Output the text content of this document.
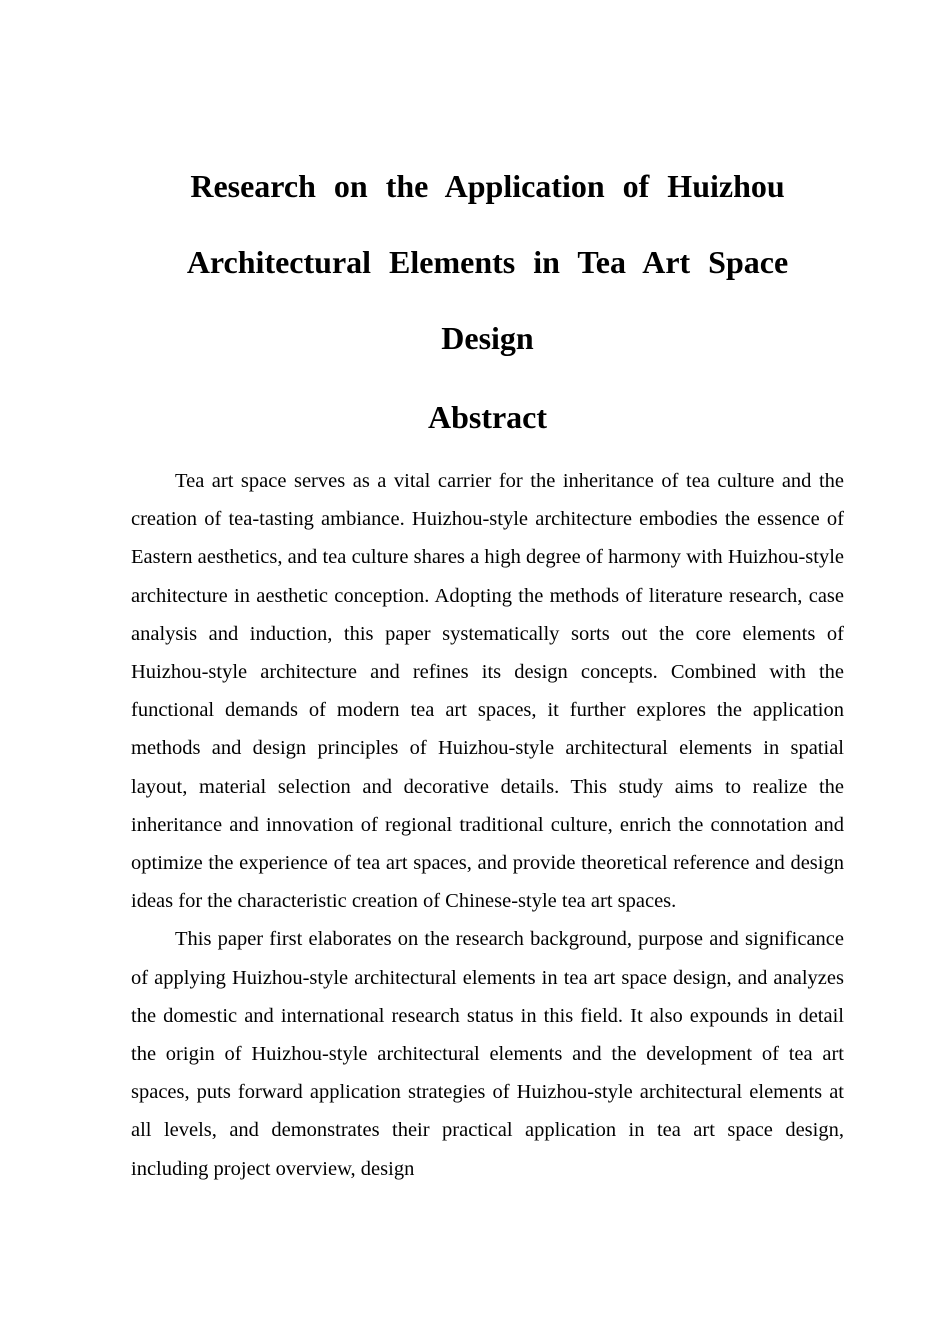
Research on the Application of Huizhou Architectural Elements in Tea Art Space Design
Abstract

Tea art space serves as a vital carrier for the inheritance of tea culture and the creation of tea-tasting ambiance. Huizhou-style architecture embodies the essence of Eastern aesthetics, and tea culture shares a high degree of harmony with Huizhou-style architecture in aesthetic conception. Adopting the methods of literature research, case analysis and induction, this paper systematically sorts out the core elements of Huizhou-style architecture and refines its design concepts. Combined with the functional demands of modern tea art spaces, it further explores the application methods and design principles of Huizhou-style architectural elements in spatial layout, material selection and decorative details. This study aims to realize the inheritance and innovation of regional traditional culture, enrich the connotation and optimize the experience of tea art spaces, and provide theoretical reference and design ideas for the characteristic creation of Chinese-style tea art spaces.

This paper first elaborates on the research background, purpose and significance of applying Huizhou-style architectural elements in tea art space design, and analyzes the domestic and international research status in this field. It also expounds in detail the origin of Huizhou-style architectural elements and the development of tea art spaces, puts forward application strategies of Huizhou-style architectural elements at all levels, and demonstrates their practical application in tea art space design, including project overview, design
